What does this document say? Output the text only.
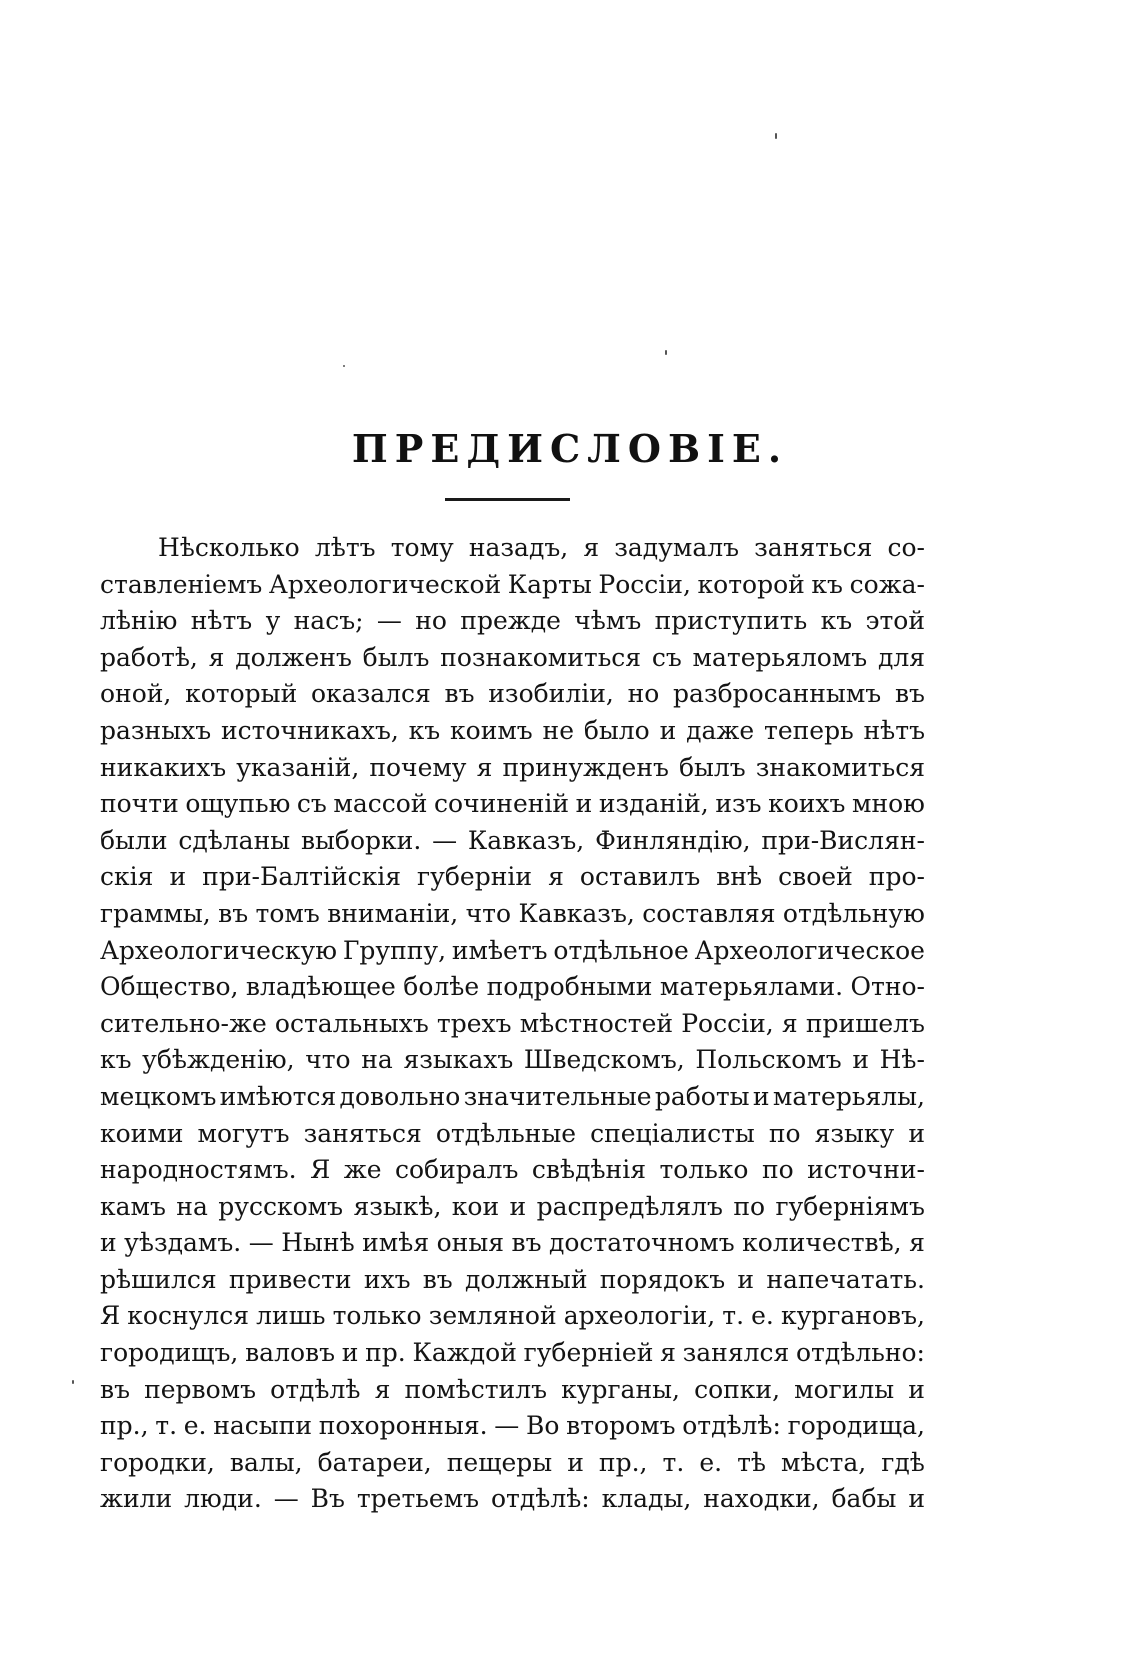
ПРЕДИСЛОВІЕ.
Нѣсколько лѣтъ тому назадъ, я задумалъ заняться со-
ставленіемъ Археологической Карты Россіи, которой къ сожа-
лѣнію нѣтъ у насъ; — но прежде чѣмъ приступить къ этой
работѣ, я долженъ былъ познакомиться съ матерьяломъ для
оной, который оказался въ изобиліи, но разбросаннымъ въ
разныхъ источникахъ, къ коимъ не было и даже теперь нѣтъ
никакихъ указаній, почему я принужденъ былъ знакомиться
почти ощупью съ массой сочиненій и изданій, изъ коихъ мною
были сдѣланы выборки. — Кавказъ, Финляндію, при-Вислян-
скія и при-Балтійскія губерніи я оставилъ внѣ своей про-
граммы, въ томъ вниманіи, что Кавказъ, составляя отдѣльную
Археологическую Группу, имѣетъ отдѣльное Археологическое
Общество, владѣющее болѣе подробными матерьялами. Отно-
сительно-же остальныхъ трехъ мѣстностей Россіи, я пришелъ
къ убѣжденію, что на языкахъ Шведскомъ, Польскомъ и Нѣ-
мецкомъ имѣются довольно значительные работы и матерьялы,
коими могутъ заняться отдѣльные спеціалисты по языку и
народностямъ. Я же собиралъ свѣдѣнія только по источни-
камъ на русскомъ языкѣ, кои и распредѣлялъ по губерніямъ
и уѣздамъ. — Нынѣ имѣя оныя въ достаточномъ количествѣ, я
рѣшился привести ихъ въ должный порядокъ и напечатать.
Я коснулся лишь только земляной археологіи, т. е. кургановъ,
городищъ, валовъ и пр. Каждой губерніей я занялся отдѣльно:
въ первомъ отдѣлѣ я помѣстилъ курганы, сопки, могилы и
пр., т. е. насыпи похоронныя. — Во второмъ отдѣлѣ: городища,
городки, валы, батареи, пещеры и пр., т. е. тѣ мѣста, гдѣ
жили люди. — Въ третьемъ отдѣлѣ: клады, находки, бабы и
